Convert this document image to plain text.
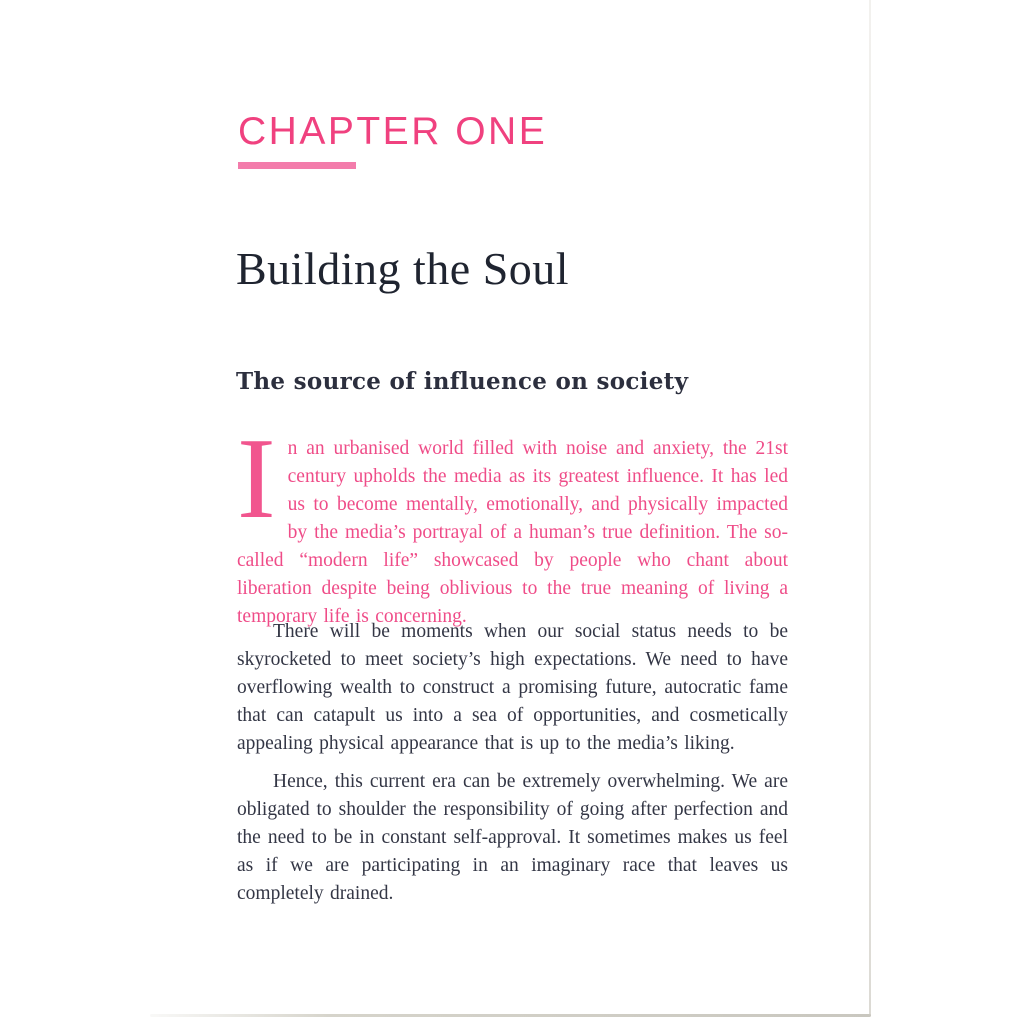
CHAPTER ONE
Building the Soul
The source of influence on society

In an urbanised world filled with noise and anxiety, the 21st century upholds the media as its greatest influence. It has led us to become mentally, emotionally, and physically impacted by the media’s portrayal of a human’s true definition. The so-called “modern life” showcased by people who chant about liberation despite being oblivious to the true meaning of living a temporary life is concerning.

There will be moments when our social status needs to be skyrocketed to meet society’s high expectations. We need to have overflowing wealth to construct a promising future, autocratic fame that can catapult us into a sea of opportunities, and cosmetically appealing physical appearance that is up to the media’s liking.

Hence, this current era can be extremely overwhelming. We are obligated to shoulder the responsibility of going after perfection and the need to be in constant self-approval. It sometimes makes us feel as if we are participating in an imaginary race that leaves us completely drained.
